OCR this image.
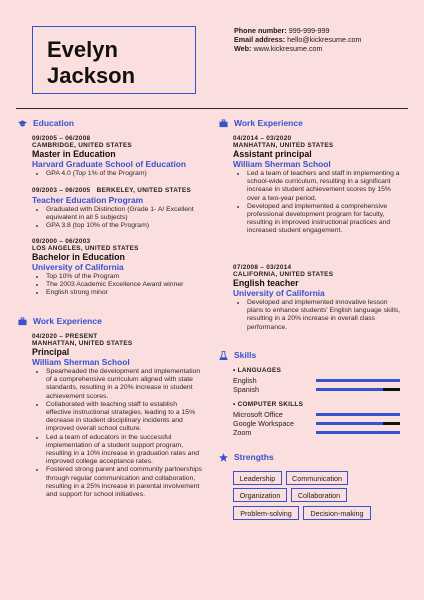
Evelyn
Jackson
Phone number: 999-999-999
Email address: hello@kickresume.com
Web: www.kickresume.com
Education
09/2005 – 06/2008
CAMBRIDGE, UNITED STATES
Master in Education
Harvard Graduate School of Education
• GPA 4.0 (Top 1% of the Program)
09/2003 – 06/2005 BERKELEY, UNITED STATES
Teacher Education Program
• Graduated with Distinction (Grade 1- A/ Excellent equivalent in all 5 subjects)
• GPA 3.8 (top 10% of the Program)
09/2000 – 06/2003
LOS ANGELES, UNITED STATES
Bachelor in Education
University of California
• Top 10% of the Program
• The 2003 Academic Excellence Award winner
• English strong minor
Work Experience
04/2020 – PRESENT
MANHATTAN, UNITED STATES
Principal
William Sherman School
• Spearheaded the development and implementation of a comprehensive curriculum aligned with state standards, resulting in a 20% increase in student achievement scores.
• Collaborated with teaching staff to establish effective instructional strategies, leading to a 15% decrease in student disciplinary incidents and improved overall school culture.
• Led a team of educators in the successful implementation of a student support program, resulting in a 10% increase in graduation rates and improved college acceptance rates.
• Fostered strong parent and community partnerships through regular communication and collaboration, resulting in a 25% increase in parental involvement and support for school initiatives.
Work Experience
04/2014 – 03/2020
MANHATTAN, UNITED STATES
Assistant principal
William Sherman School
• Led a team of teachers and staff in implementing a school-wide curriculum, resulting in a significant increase in student achievement scores by 15% over a two-year period.
• Developed and implemented a comprehensive professional development program for faculty, resulting in improved instructional practices and increased student engagement.
07/2008 – 03/2014
CALIFORNIA, UNITED STATES
English teacher
University of California
• Developed and implemented innovative lesson plans to enhance students' English language skills, resulting in a 20% increase in overall class performance.
Skills
• LANGUAGES
English
Spanish
• COMPUTER SKILLS
Microsoft Office
Google Workspace
Zoom
Strengths
Leadership	Communication
Organization	Collaboration
Problem-solving	Decision-making
